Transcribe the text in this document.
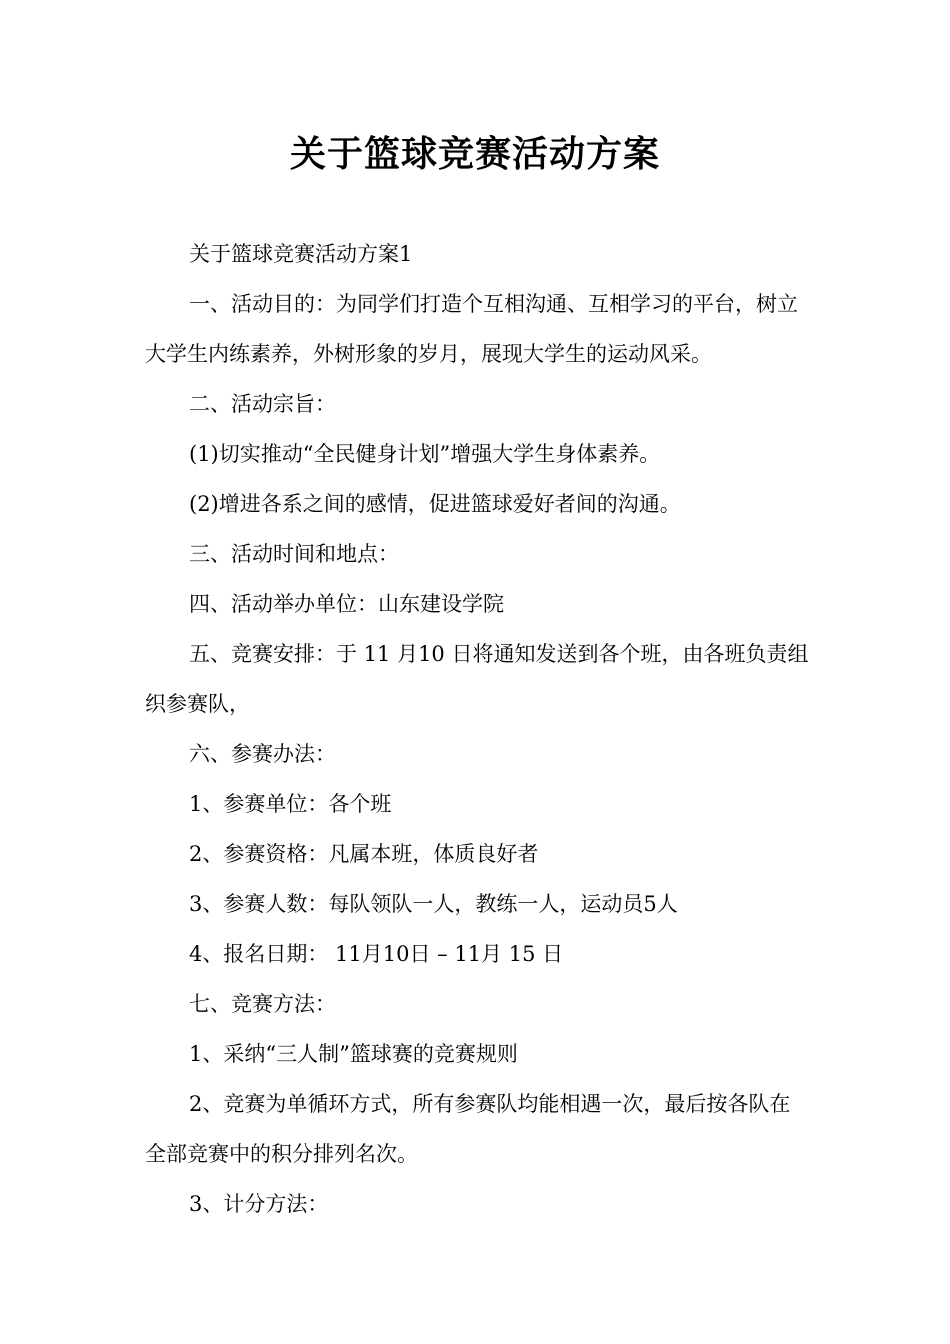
关于篮球竞赛活动方案

关于篮球竞赛活动方案1

一、活动目的：为同学们打造个互相沟通、互相学习的平台，树立大学生内练素养，外树形象的岁月，展现大学生的运动风采。

二、活动宗旨：

(1)切实推动“全民健身计划”增强大学生身体素养。

(2)增进各系之间的感情，促进篮球爱好者间的沟通。

三、活动时间和地点：

四、活动举办单位：山东建设学院

五、竞赛安排：于 11 月10 日将通知发送到各个班，由各班负责组织参赛队，

六、参赛办法：

1、参赛单位：各个班

2、参赛资格：凡属本班，体质良好者

3、参赛人数：每队领队一人，教练一人，运动员5人

4、报名日期： 11月10日 – 11月 15 日

七、竞赛方法：

1、采纳“三人制”篮球赛的竞赛规则

2、竞赛为单循环方式，所有参赛队均能相遇一次，最后按各队在全部竞赛中的积分排列名次。

3、计分方法：
